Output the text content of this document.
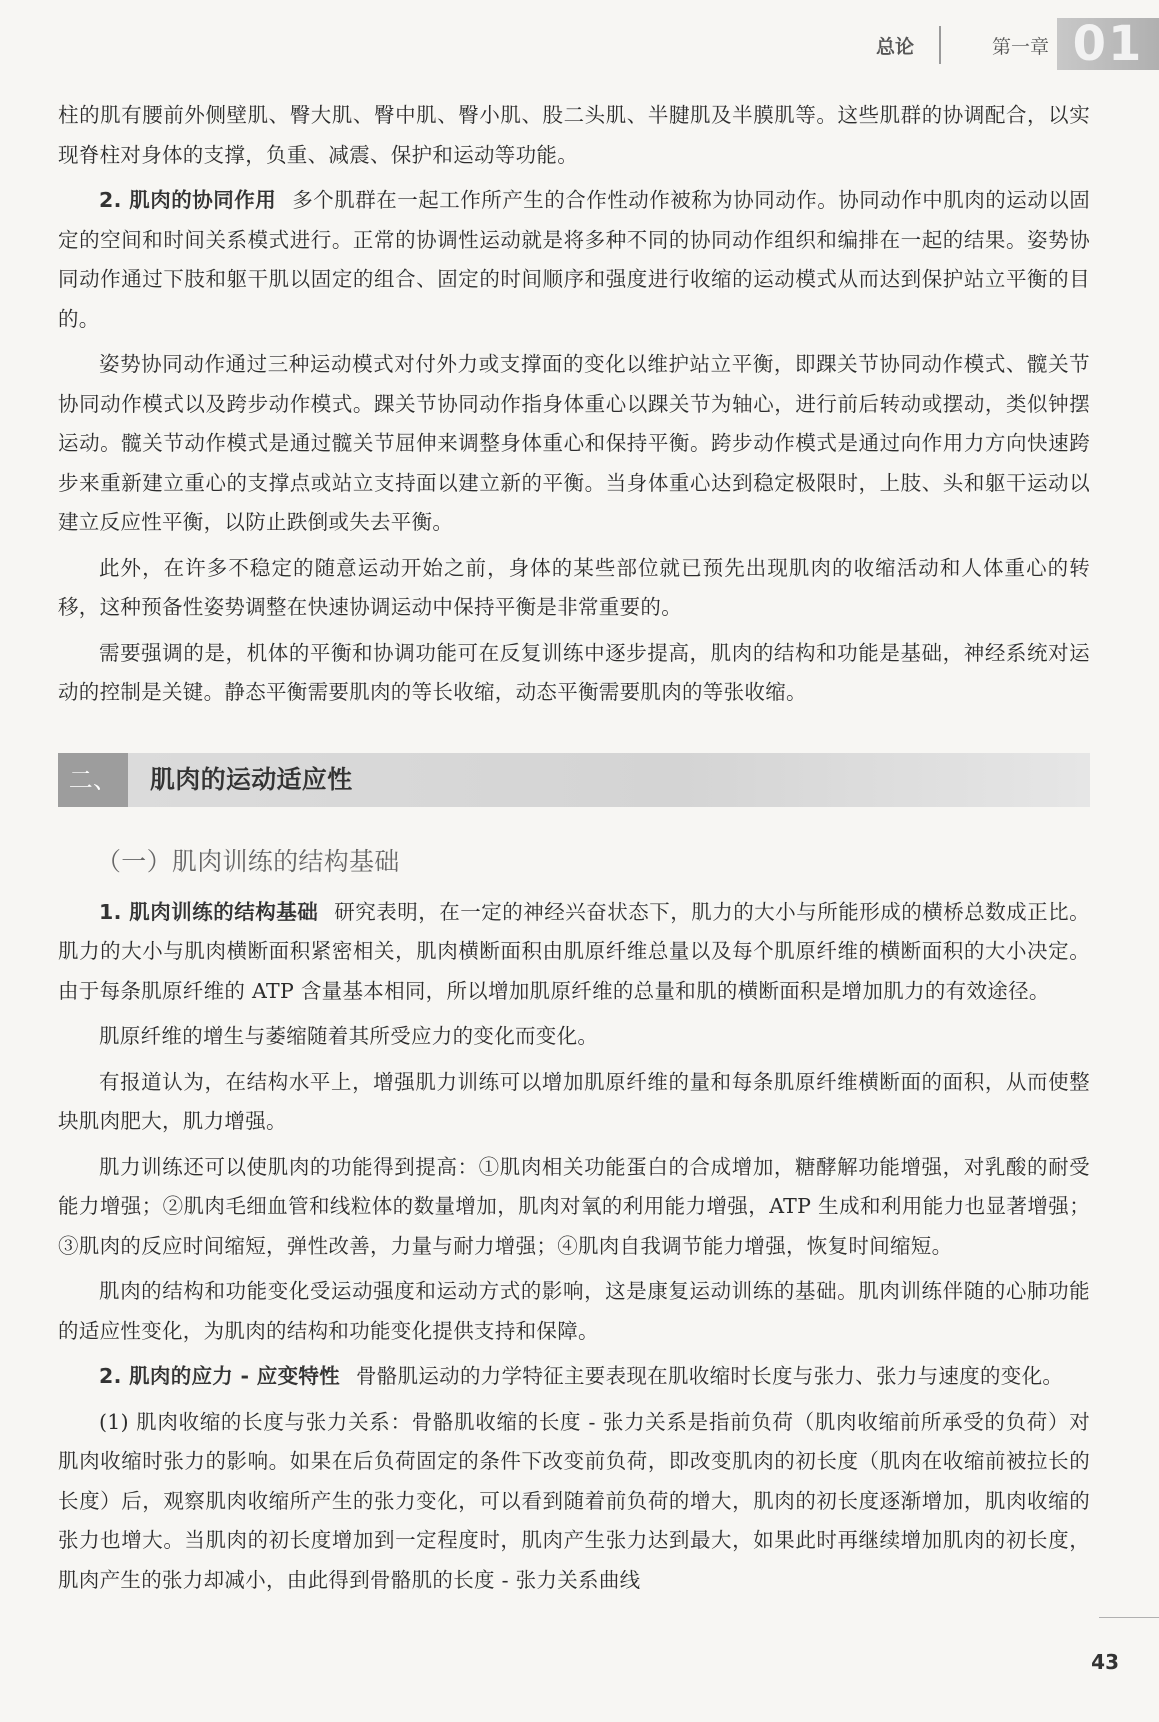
总论	第一章 01

柱的肌有腰前外侧壁肌、臀大肌、臀中肌、臀小肌、股二头肌、半腱肌及半膜肌等。这些肌群的协调配合，以实现脊柱对身体的支撑，负重、减震、保护和运动等功能。

2. 肌肉的协同作用 多个肌群在一起工作所产生的合作性动作被称为协同动作。协同动作中肌肉的运动以固定的空间和时间关系模式进行。正常的协调性运动就是将多种不同的协同动作组织和编排在一起的结果。姿势协同动作通过下肢和躯干肌以固定的组合、固定的时间顺序和强度进行收缩的运动模式从而达到保护站立平衡的目的。

姿势协同动作通过三种运动模式对付外力或支撑面的变化以维护站立平衡，即踝关节协同动作模式、髋关节协同动作模式以及跨步动作模式。踝关节协同动作指身体重心以踝关节为轴心，进行前后转动或摆动，类似钟摆运动。髋关节动作模式是通过髋关节屈伸来调整身体重心和保持平衡。跨步动作模式是通过向作用力方向快速跨步来重新建立重心的支撑点或站立支持面以建立新的平衡。当身体重心达到稳定极限时，上肢、头和躯干运动以建立反应性平衡，以防止跌倒或失去平衡。

此外，在许多不稳定的随意运动开始之前，身体的某些部位就已预先出现肌肉的收缩活动和人体重心的转移，这种预备性姿势调整在快速协调运动中保持平衡是非常重要的。

需要强调的是，机体的平衡和协调功能可在反复训练中逐步提高，肌肉的结构和功能是基础，神经系统对运动的控制是关键。静态平衡需要肌肉的等长收缩，动态平衡需要肌肉的等张收缩。

二、	肌肉的运动适应性
（一）肌肉训练的结构基础

1. 肌肉训练的结构基础 研究表明，在一定的神经兴奋状态下，肌力的大小与所能形成的横桥总数成正比。肌力的大小与肌肉横断面积紧密相关，肌肉横断面积由肌原纤维总量以及每个肌原纤维的横断面积的大小决定。由于每条肌原纤维的 ATP 含量基本相同，所以增加肌原纤维的总量和肌的横断面积是增加肌力的有效途径。

肌原纤维的增生与萎缩随着其所受应力的变化而变化。

有报道认为，在结构水平上，增强肌力训练可以增加肌原纤维的量和每条肌原纤维横断面的面积，从而使整块肌肉肥大，肌力增强。

肌力训练还可以使肌肉的功能得到提高：①肌肉相关功能蛋白的合成增加，糖酵解功能增强，对乳酸的耐受能力增强；②肌肉毛细血管和线粒体的数量增加，肌肉对氧的利用能力增强，ATP 生成和利用能力也显著增强；③肌肉的反应时间缩短，弹性改善，力量与耐力增强；④肌肉自我调节能力增强，恢复时间缩短。

肌肉的结构和功能变化受运动强度和运动方式的影响，这是康复运动训练的基础。肌肉训练伴随的心肺功能的适应性变化，为肌肉的结构和功能变化提供支持和保障。

2. 肌肉的应力 - 应变特性 骨骼肌运动的力学特征主要表现在肌收缩时长度与张力、张力与速度的变化。

(1) 肌肉收缩的长度与张力关系：骨骼肌收缩的长度 - 张力关系是指前负荷（肌肉收缩前所承受的负荷）对肌肉收缩时张力的影响。如果在后负荷固定的条件下改变前负荷，即改变肌肉的初长度（肌肉在收缩前被拉长的长度）后，观察肌肉收缩所产生的张力变化，可以看到随着前负荷的增大，肌肉的初长度逐渐增加，肌肉收缩的张力也增大。当肌肉的初长度增加到一定程度时，肌肉产生张力达到最大，如果此时再继续增加肌肉的初长度，肌肉产生的张力却减小，由此得到骨骼肌的长度 - 张力关系曲线

43
